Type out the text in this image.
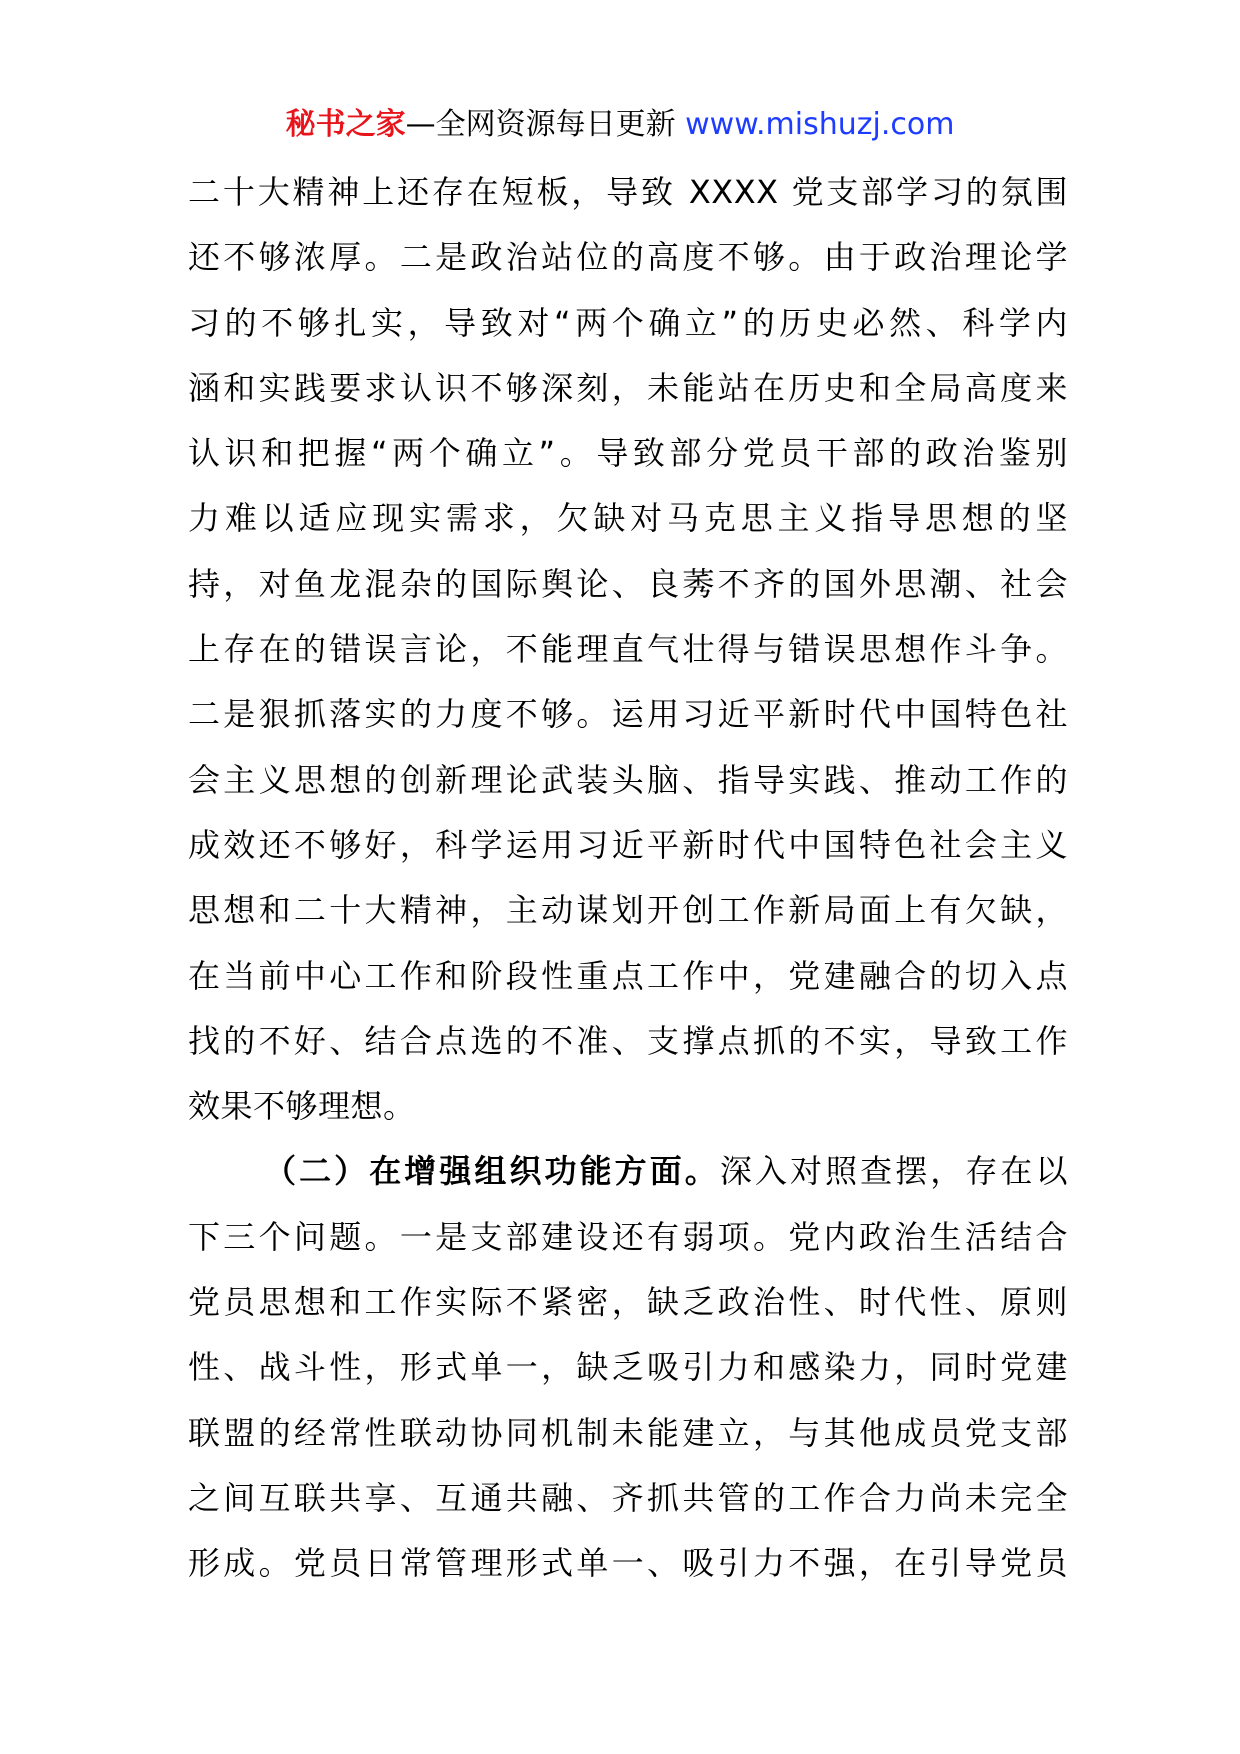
秘书之家—全网资源每日更新 www.mishuzj.com
二十大精神上还存在短板，导致 XXXX 党支部学习的氛围
还不够浓厚。二是政治站位的高度不够。由于政治理论学
习的不够扎实，导致对“两个确立”的历史必然、科学内
涵和实践要求认识不够深刻，未能站在历史和全局高度来
认识和把握“两个确立”。导致部分党员干部的政治鉴别
力难以适应现实需求，欠缺对马克思主义指导思想的坚
持，对鱼龙混杂的国际舆论、良莠不齐的国外思潮、社会
上存在的错误言论，不能理直气壮得与错误思想作斗争。
二是狠抓落实的力度不够。运用习近平新时代中国特色社
会主义思想的创新理论武装头脑、指导实践、推动工作的
成效还不够好，科学运用习近平新时代中国特色社会主义
思想和二十大精神，主动谋划开创工作新局面上有欠缺，
在当前中心工作和阶段性重点工作中，党建融合的切入点
找的不好、结合点选的不准、支撑点抓的不实，导致工作
效果不够理想。
（二）在增强组织功能方面。深入对照查摆，存在以
下三个问题。一是支部建设还有弱项。党内政治生活结合
党员思想和工作实际不紧密，缺乏政治性、时代性、原则
性、战斗性，形式单一，缺乏吸引力和感染力，同时党建
联盟的经常性联动协同机制未能建立，与其他成员党支部
之间互联共享、互通共融、齐抓共管的工作合力尚未完全
形成。党员日常管理形式单一、吸引力不强，在引导党员
